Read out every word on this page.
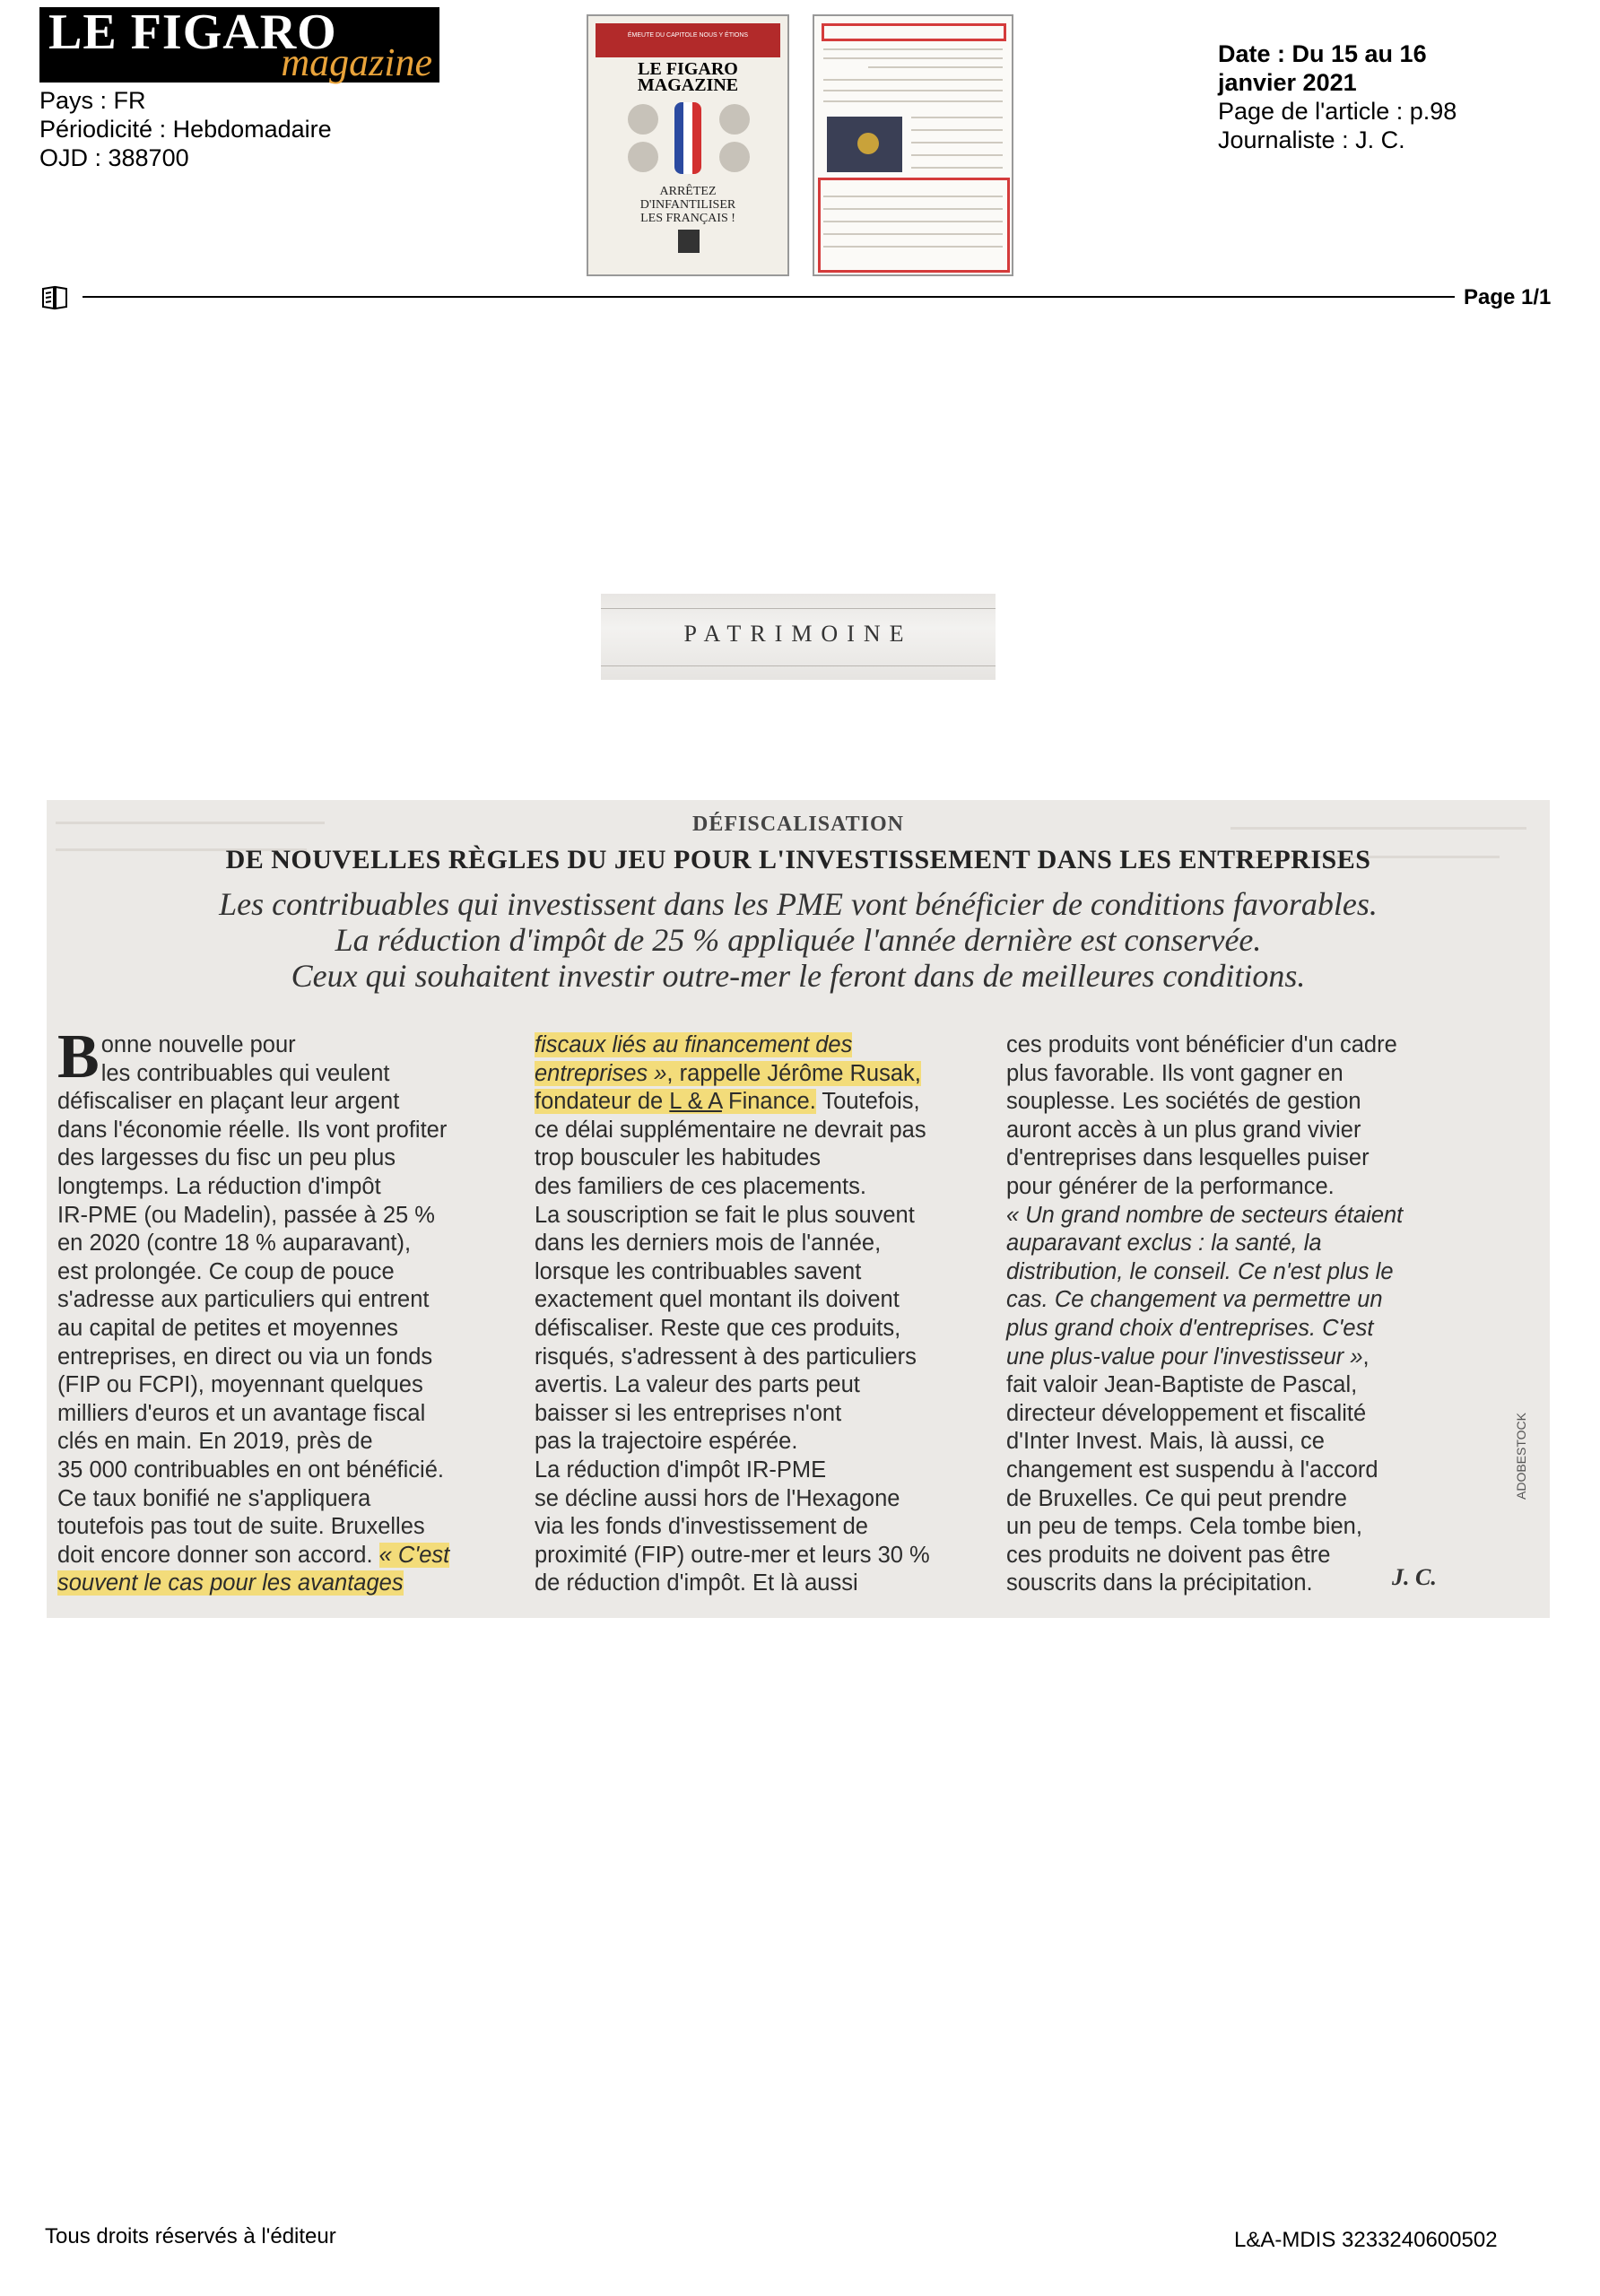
LE FIGARO
magazine
Pays : FR
Périodicité : Hebdomadaire
OJD : 388700
ÉMEUTE DU CAPITOLE NOUS Y ÉTIONS
LE FIGARO
MAGAZINE
ARRÊTEZ
D'INFANTILISER
LES FRANÇAIS !
Date : Du 15 au 16
janvier 2021
Page de l'article : p.98
Journaliste : J. C.
Page 1/1
PATRIMOINE
DÉFISCALISATION
DE NOUVELLES RÈGLES DU JEU POUR L'INVESTISSEMENT DANS LES ENTREPRISES
Les contribuables qui investissent dans les PME vont bénéficier de conditions favorables.
La réduction d'impôt de 25 % appliquée l'année dernière est conservée.
Ceux qui souhaitent investir outre-mer le feront dans de meilleures conditions.
B onne nouvelle pour
les contribuables qui veulent
défiscaliser en plaçant leur argent
dans l'économie réelle. Ils vont profiter
des largesses du fisc un peu plus
longtemps. La réduction d'impôt
IR-PME (ou Madelin), passée à 25 %
en 2020 (contre 18 % auparavant),
est prolongée. Ce coup de pouce
s'adresse aux particuliers qui entrent
au capital de petites et moyennes
entreprises, en direct ou via un fonds
(FIP ou FCPI), moyennant quelques
milliers d'euros et un avantage fiscal
clés en main. En 2019, près de
35 000 contribuables en ont bénéficié.
Ce taux bonifié ne s'appliquera
toutefois pas tout de suite. Bruxelles
doit encore donner son accord. « C'est
souvent le cas pour les avantages
fiscaux liés au financement des
entreprises », rappelle Jérôme Rusak,
fondateur de L & A Finance. Toutefois,
ce délai supplémentaire ne devrait pas
trop bousculer les habitudes
des familiers de ces placements.
La souscription se fait le plus souvent
dans les derniers mois de l'année,
lorsque les contribuables savent
exactement quel montant ils doivent
défiscaliser. Reste que ces produits,
risqués, s'adressent à des particuliers
avertis. La valeur des parts peut
baisser si les entreprises n'ont
pas la trajectoire espérée.
La réduction d'impôt IR-PME
se décline aussi hors de l'Hexagone
via les fonds d'investissement de
proximité (FIP) outre-mer et leurs 30 %
de réduction d'impôt. Et là aussi
ces produits vont bénéficier d'un cadre
plus favorable. Ils vont gagner en
souplesse. Les sociétés de gestion
auront accès à un plus grand vivier
d'entreprises dans lesquelles puiser
pour générer de la performance.
« Un grand nombre de secteurs étaient
auparavant exclus : la santé, la
distribution, le conseil. Ce n'est plus le
cas. Ce changement va permettre un
plus grand choix d'entreprises. C'est
une plus-value pour l'investisseur »,
fait valoir Jean-Baptiste de Pascal,
directeur développement et fiscalité
d'Inter Invest. Mais, là aussi, ce
changement est suspendu à l'accord
de Bruxelles. Ce qui peut prendre
un peu de temps. Cela tombe bien,
ces produits ne doivent pas être
souscrits dans la précipitation.	J. C.
ADOBESTOCK
Tous droits réservés à l'éditeur	L&A-MDIS 3233240600502
